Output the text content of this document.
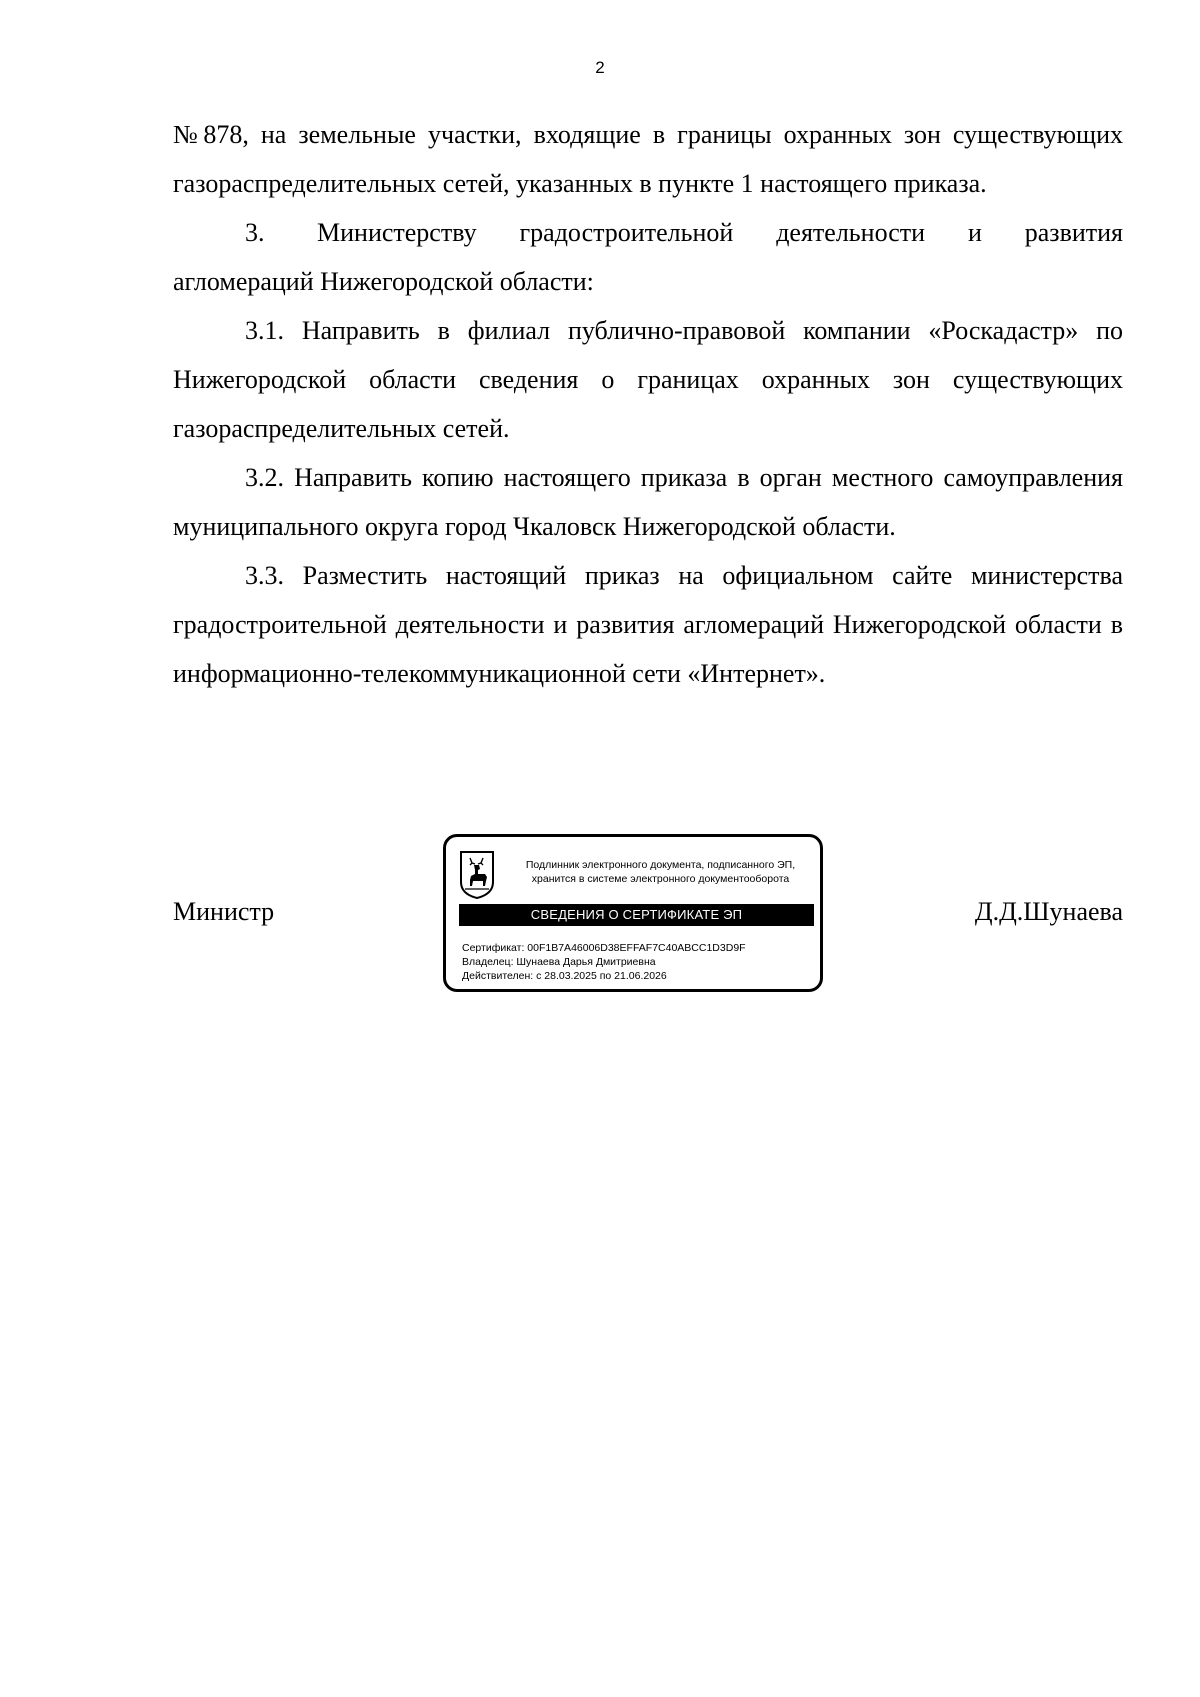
2

№878, на земельные участки, входящие в границы охранных зон существующих газораспределительных сетей, указанных в пункте 1 настоящего приказа.

3. Министерству градостроительной деятельности и развития агломераций Нижегородской области:

3.1. Направить в филиал публично-правовой компании «Роскадастр» по Нижегородской области сведения о границах охранных зон существующих газораспределительных сетей.

3.2. Направить копию настоящего приказа в орган местного самоуправления муниципального округа город Чкаловск Нижегородской области.

3.3. Разместить настоящий приказ на официальном сайте министерства градостроительной деятельности и развития агломераций Нижегородской области в информационно-телекоммуникационной сети «Интернет».

Министр	Д.Д.Шунаева
Подлинник электронного документа, подписанного ЭП,
хранится в системе электронного документооборота
СВЕДЕНИЯ О СЕРТИФИКАТЕ ЭП
Сертификат: 00F1B7A46006D38EFFAF7C40ABCC1D3D9F
Владелец: Шунаева Дарья Дмитриевна
Действителен: с 28.03.2025 по 21.06.2026
